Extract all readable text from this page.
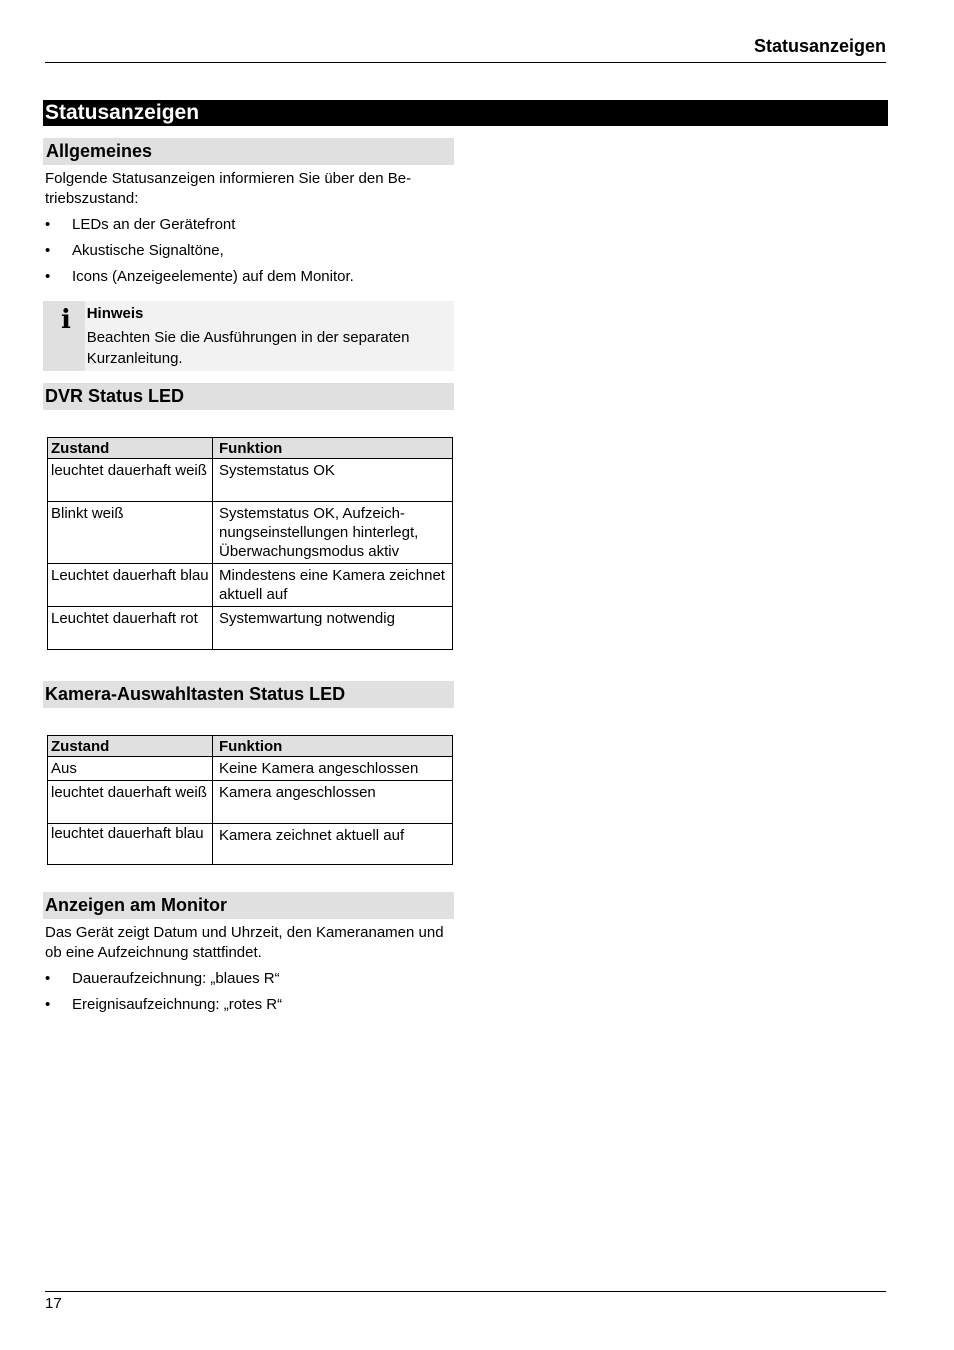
Statusanzeigen
Statusanzeigen
Allgemeines
Folgende Statusanzeigen informieren Sie über den Be-triebszustand:
• LEDs an der Gerätefront
• Akustische Signaltöne,
• Icons (Anzeigeelemente) auf dem Monitor.
i Hinweis
Beachten Sie die Ausführungen in der separaten Kurzanleitung.
DVR Status LED
Zustand	Funktion
leuchtet dauerhaft weiß	Systemstatus OK
Blinkt weiß	Systemstatus OK, Aufzeich-nungseinstellungen hinterlegt, Überwachungsmodus aktiv
Leuchtet dauerhaft blau	Mindestens eine Kamera zeichnet aktuell auf
Leuchtet dauerhaft rot	Systemwartung notwendig
Kamera-Auswahltasten Status LED
Zustand	Funktion
Aus	Keine Kamera angeschlossen
leuchtet dauerhaft weiß	Kamera angeschlossen
leuchtet dauerhaft blau	Kamera zeichnet aktuell auf
Anzeigen am Monitor
Das Gerät zeigt Datum und Uhrzeit, den Kameranamen und ob eine Aufzeichnung stattfindet.
• Daueraufzeichnung: „blaues R“
• Ereignisaufzeichnung: „rotes R“
17
